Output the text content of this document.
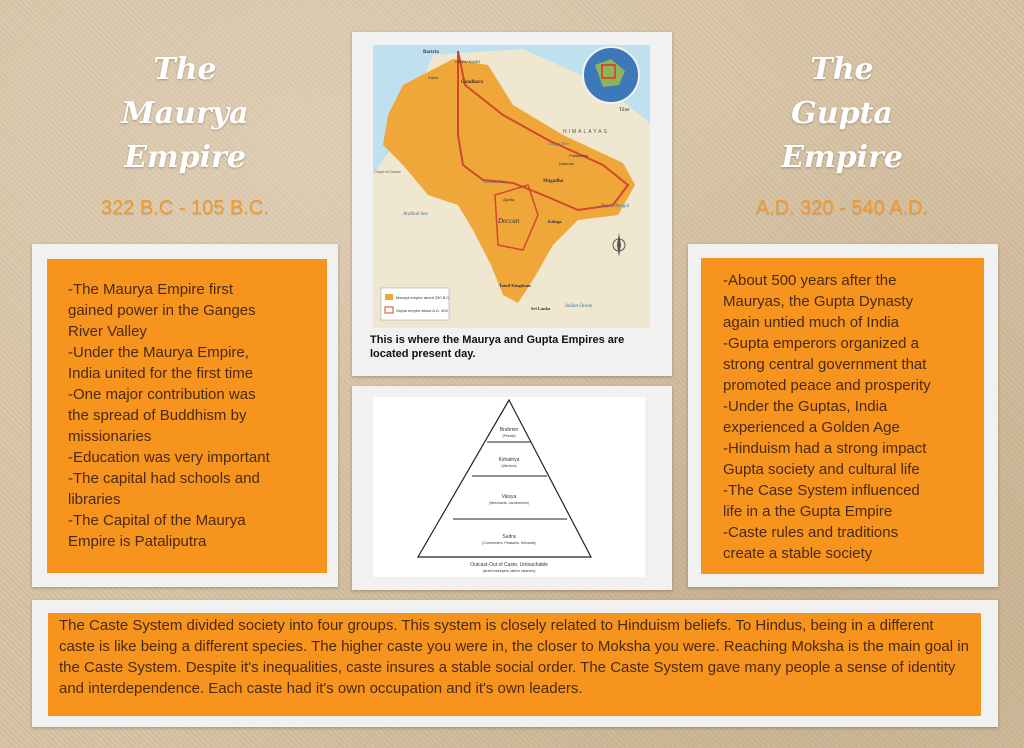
The
Maurya
Empire
322 B.C - 105 B.C.
The
Gupta
Empire
A.D. 320 - 540 A.D.
-The Maurya Empire first
gained power in the Ganges
River Valley
-Under the Maurya Empire,
India united for the first time
-One major contribution was
the spread of Buddhism by
missionaries
-Education was very important
-The capital had schools and
libraries
-The Capital of the Maurya
Empire is Pataliputra
-About 500 years after the
Mauryas, the Gupta Dynasty
again untied much of India
-Gupta emperors organized a
strong central government that
promoted peace and prosperity
-Under the Guptas, India
experienced a Golden Age
-Hinduism had a strong impact
Gupta society and cultural life
-The Case System influenced
life in a the Gupta Empire
-Caste rules and traditions
create a stable society
Maurya empire about 250 B.C.
Gupta empire about A.D. 400
Bactria
HINDU KUSH
Kabul
Gandhara
Tibet
HIMALAYAS
Pataliputra
Nalanda
Magadha
Tropic of Cancer
Narmada River
Ganges River
Ajanta
Deccan	Kalinga
Arabian Sea
Bay of Bengal
Tamil Kingdoms
Sri Lanka	Indian Ocean
This is where the Maurya and Gupta Empires are located present day.
Brahmin
(Priests)
Kshatriya
(Warriors)
Vaisya
(Merchants, Landowners)
Sudra
(Commoners, Peasants, Servants)
Outcast-Out of Caste, Untouchable
(street sweepers, latrine cleaners)
The Caste System divided society into four groups. This system is closely related to Hinduism beliefs. To Hindus, being in a different caste is like being a different species. The higher caste you were in, the closer to Moksha you were. Reaching Moksha is the main goal in the Caste System. Despite it's inequalities, caste insures a stable social order. The Caste System gave many people a sense of identity and interdependence. Each caste had it's own occupation and it's own leaders.
